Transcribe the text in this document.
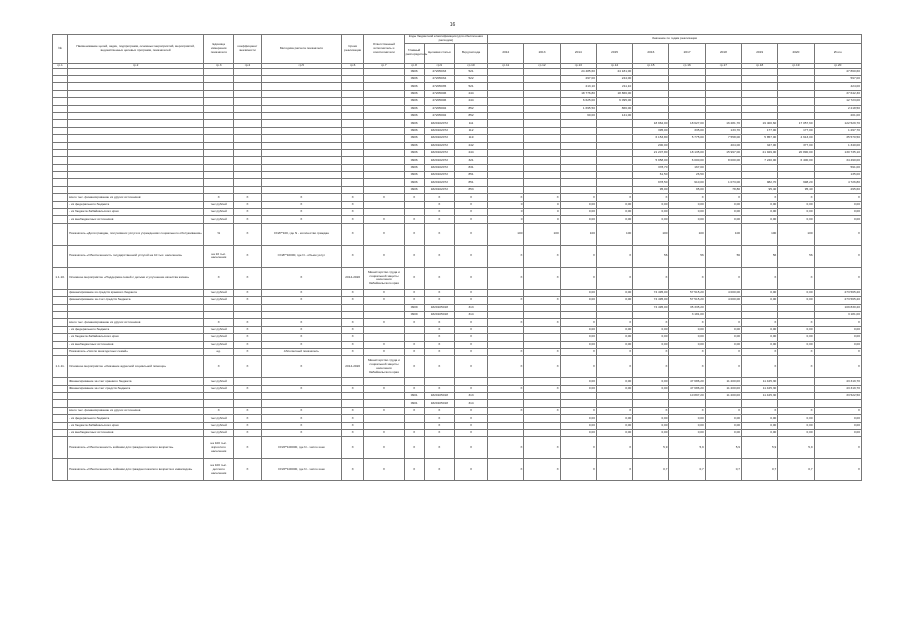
16
№	Наименование целей, задач, подпрограмм, основных мероприятий, мероприятий, ведомственных целевых программ, показателей	Единица измерения показателя	коэффициент значимости	Методика расчета показателя	Сроки реализации	Ответственный исполнитель и соисполнители	Коды бюджетной классификации (для обеспечения расходов)			Значение по годам реализации									
							Главный распорядитель	Целевая статья	Вид расхода	2012	2013	2014	2015	2016	2017	2018	2019	2020	Итого

гр.1	гр.2	гр.3	гр.4	гр.5	гр.6	гр.7	гр.8	гр.9	гр.10	гр.11	гр.12	гр.13	гр.14	гр.15	гр.16	гр.17	гр.18	гр.19	гр.20
							0906	47205033	521			24 485,60	24 181,00						47 860,60
							0906	47205034	522			297,00	244,00						597,00
							0906	47205035	521			213,10	211,10						424,00
							0906	47205006	244			18 776,80	18 866,00						37 642,30
							0906	47205006	244			6 625,00	6 095,00						12 723,00
							0906	47205002	852			1 695,50	866,00						2 218,50
							0906	47205002	852			60,00	141,00						201,00
							0906	1820102072	111					18 962,00	18 627,00	16 281,70	19 400,60	17 057,60	122 529,70
							0906	1820102072	112					395,00	335,00	133,70	177,00	177,00	1 297,70
							0906	1820102072	119					6 153,80	5 775,00	7 558,00	5 857,00	4 613,00	35 570,50
							0906	1820102072	242					200,00		404,00	347,00	377,00	1 340,00
							0906	1820102072	244					21 207,80	18 135,00	15 997,00	21 929,00	20 890,00	130 735,10
							0906	1820102072	321					5 958,00	6 000,00	8 000,00	7 240,00	6 400,00	34 490,00
							0906	1820102072	831					378,70	167,00				591,00
							0906	1820102072	851					61,50	26,50				135,00
							0906	1820102072	851					978,50	910,00	1 073,00	982,70	998,20	4 726,80
							0906	1820102072	853					95,00	95,00	78,80	95,40	95,40	295,60
	всего тыс. финансирование из других источников:	X	X	X	X	X	X	X	X	X	X	X	X	X	X	X	X	X	X
	- из федерального бюджета	тыс.рублей	X	X	X			X	X	0	0	0,00	0,00	0,00	0,00	0,00	0,00	0,00	0,00
	- из бюджета Забайкальского края	тыс.рублей	X	X	X			X	X	0	0	0,00	0,00	0,00	0,00	0,00	0,00	0,00	0,00
	- из внебюджетных источников	тыс.рублей	X	X	X	X	X	X	X	0	0	0,00	0,00	0,00	0,00	0,00	0,00	0,00	0,00
	Показатель «Доля граждан, получивших услуги в учреждениях социального обслуживания»	%	X	I=N/P*100, где N - количество граждан	X	X	X	X	X	100	100	100	100	100	100	100	100	100	X
	Показатель «Обеспеченность государственной услугой на 10 тыс. населения»	на 10 тыс. населения	X	I=N/P*10000, где N - объем услуг	X	X	X	X	X	X	X	X	X	56	56	56	56	56	X
1.1.10.	Основное мероприятие «Поддержка семей с детьми и улучшение качества жизни»	X	X	X	2014-2020	Министерство труда и социальной защиты населения Забайкальского края	X	X	X	X	X	X	X	X	X	X	X	X	X
	финансирование из средств краевого бюджета	тыс.рублей	X	X	X	X	X	X	X			0,00	0,00	74 495,00	57 515,20	4 000,00	0,00	0,00	273 565,20
	финансирование за счет средств бюджета	тыс.рублей	X	X	X	X	X	X	X	X	X	0,00	0,00	74 495,00	57 515,20	4 000,00	0,00	0,00	273 565,20
							0909	1820105018	313					74 495,00	35 335,20				109 830,20
							0909	1820105018	314						3 181,00				3 181,00
	всего тыс. финансирование из других источников	X	X	X	X	X	X	X	X	X	X	X	X	X	X	X	X	X	X
	- из федерального бюджета	тыс.рублей	X	X	X			X	X			0,00	0,00	0,00	0,00	0,00	0,00	0,00	0,00
	- из бюджета Забайкальского края	тыс.рублей	X	X	X			X	X			0,00	0,00	0,00	0,00	0,00	0,00	0,00	0,00
	- из внебюджетных источников	тыс.рублей	X	X	X	X	X	X	X			0,00	0,00	0,00	0,00	0,00	0,00	0,00	0,00
	Показатель «Число многодетных семей»	ед.	X	Абсолютный показатель	X	X	X	X	X	X	X	X	X	X	X	X	X	X	X
1.1.11.	Основное мероприятие «Оказание адресной социальной помощи»	X	X	X	2014-2020	Министерство труда и социальной защиты населения Забайкальского края	X	X	X	X	X	X	X	X	X	X	X	X	X
	Финансирование за счет краевого бюджета	тыс.рублей										0,00	0,00	0,00	47 686,20	11 200,00	11 425,30		43 319,70
	Финансирование за счет средств бюджета	тыс.рублей	X	X	X	X	X	X	X	X	X	0,00	0,00	0,00	47 686,20	11 200,00	11 425,30		43 319,70
							0901	1820105018	313						10 897,20	11 200,00	11 425,30		33 522,50
							0901	1820105018	314										
	всего тыс. финансирование из других источников	X	X	X	X	X	X	X	X	X	X	X	X	X	X	X	X	X	X
	- из федерального бюджета	тыс.рублей	X	X	X			X	X			0,00	0,00	0,00	0,00	0,00	0,00	0,00	0,00
	- из бюджета Забайкальского края	тыс.рублей	X	X	X			X	X			0,00	0,00	0,00	0,00	0,00	0,00	0,00	0,00
	- из внебюджетных источников	тыс.рублей	X	X	X	X	X	X	X			0,00	0,00	0,00	0,00	0,00	0,00	0,00	0,00
	Показатель «Обеспеченность койками для граждан пожилого возраста»	на 100 тыс. взрослого населения	X	I=N/P*100000, где N - число коек	X	X	X	X	X	X	X	X	X	5,9	5,9	5,9	5,9	5,9	X
	Показатель «Обеспеченность койками для граждан пожилого возраста и инвалидов»	на 100 тыс. детского населения	X	I=N/P*100000, где N - число коек	X	X	X	X	X	X	X	X	X	0,7	0,7	0,7	0,7	0,7	X
